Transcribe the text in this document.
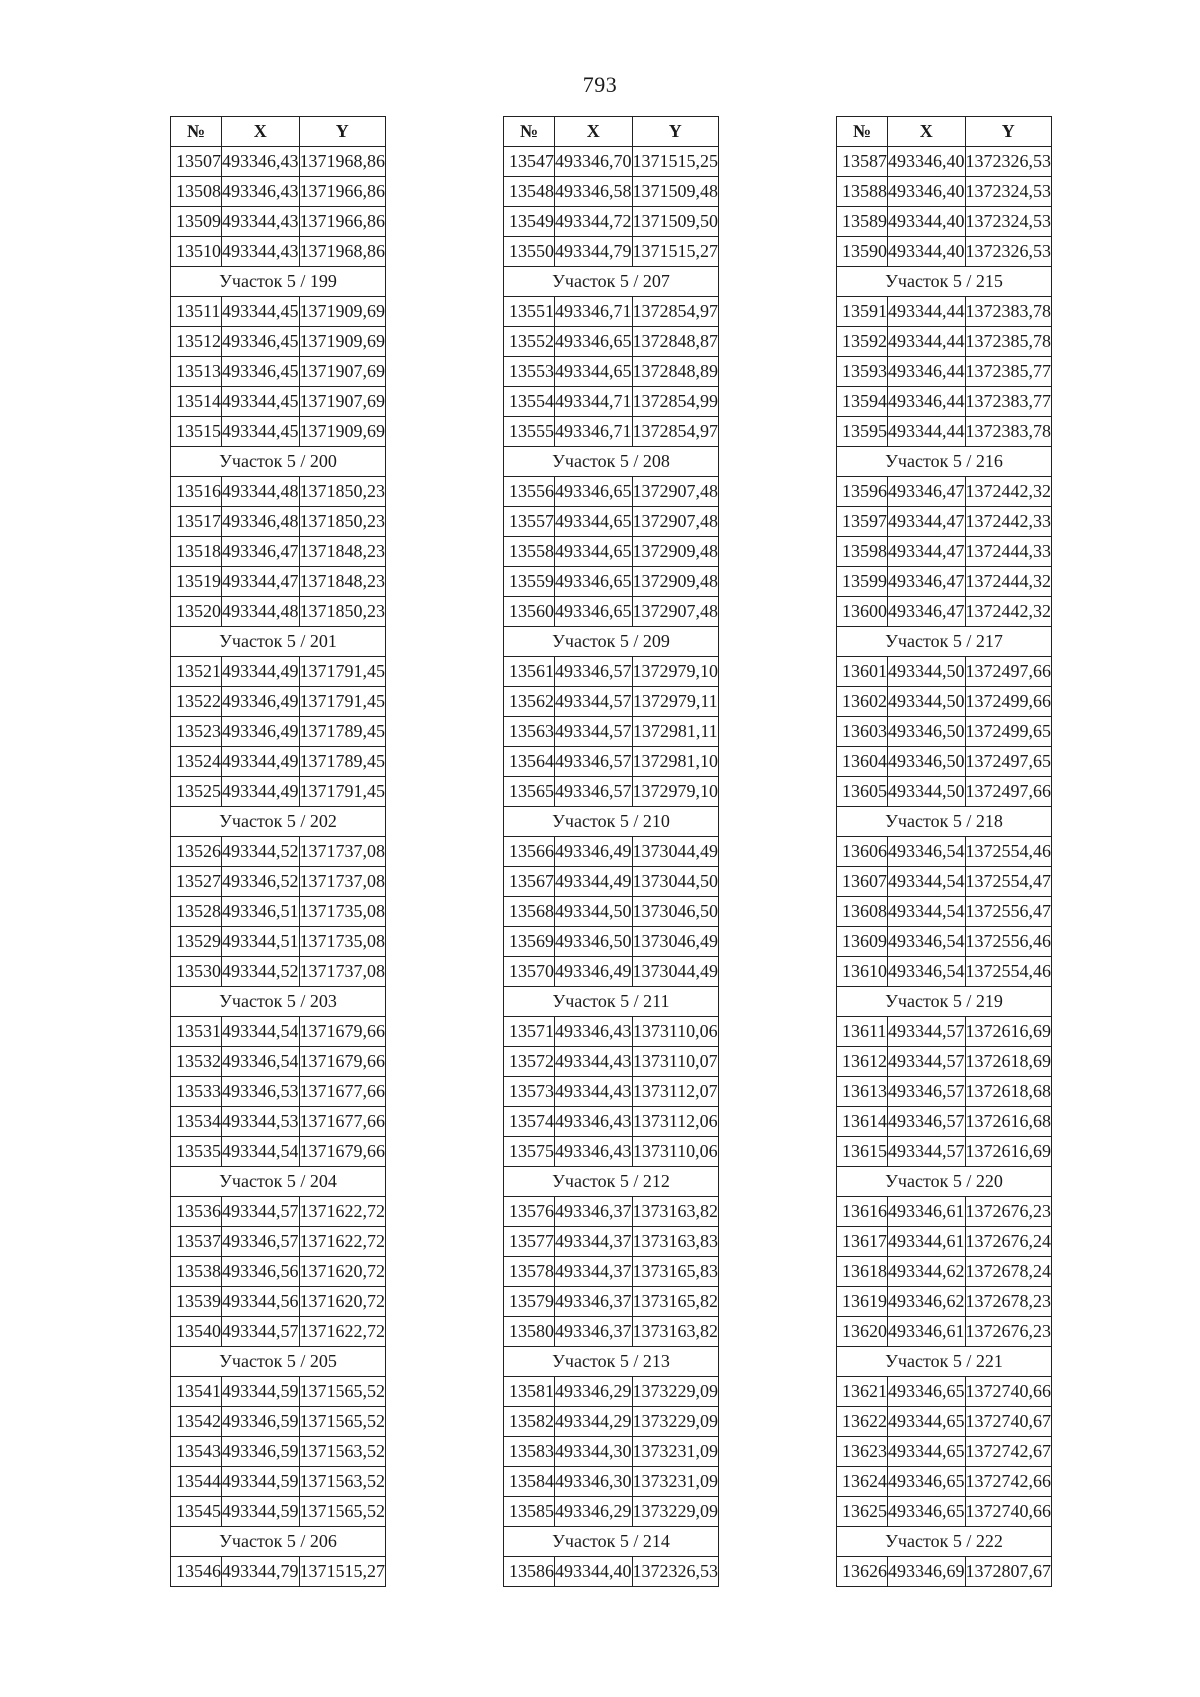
793
№	X	Y
13507	493346,43	1371968,86
13508	493346,43	1371966,86
13509	493344,43	1371966,86
13510	493344,43	1371968,86
Участок 5 / 199		
13511	493344,45	1371909,69
13512	493346,45	1371909,69
13513	493346,45	1371907,69
13514	493344,45	1371907,69
13515	493344,45	1371909,69
Участок 5 / 200		
13516	493344,48	1371850,23
13517	493346,48	1371850,23
13518	493346,47	1371848,23
13519	493344,47	1371848,23
13520	493344,48	1371850,23
Участок 5 / 201		
13521	493344,49	1371791,45
13522	493346,49	1371791,45
13523	493346,49	1371789,45
13524	493344,49	1371789,45
13525	493344,49	1371791,45
Участок 5 / 202		
13526	493344,52	1371737,08
13527	493346,52	1371737,08
13528	493346,51	1371735,08
13529	493344,51	1371735,08
13530	493344,52	1371737,08
Участок 5 / 203		
13531	493344,54	1371679,66
13532	493346,54	1371679,66
13533	493346,53	1371677,66
13534	493344,53	1371677,66
13535	493344,54	1371679,66
Участок 5 / 204		
13536	493344,57	1371622,72
13537	493346,57	1371622,72
13538	493346,56	1371620,72
13539	493344,56	1371620,72
13540	493344,57	1371622,72
Участок 5 / 205		
13541	493344,59	1371565,52
13542	493346,59	1371565,52
13543	493346,59	1371563,52
13544	493344,59	1371563,52
13545	493344,59	1371565,52
Участок 5 / 206		
13546	493344,79	1371515,27
№	X	Y
13547	493346,70	1371515,25
13548	493346,58	1371509,48
13549	493344,72	1371509,50
13550	493344,79	1371515,27
Участок 5 / 207		
13551	493346,71	1372854,97
13552	493346,65	1372848,87
13553	493344,65	1372848,89
13554	493344,71	1372854,99
13555	493346,71	1372854,97
Участок 5 / 208		
13556	493346,65	1372907,48
13557	493344,65	1372907,48
13558	493344,65	1372909,48
13559	493346,65	1372909,48
13560	493346,65	1372907,48
Участок 5 / 209		
13561	493346,57	1372979,10
13562	493344,57	1372979,11
13563	493344,57	1372981,11
13564	493346,57	1372981,10
13565	493346,57	1372979,10
Участок 5 / 210		
13566	493346,49	1373044,49
13567	493344,49	1373044,50
13568	493344,50	1373046,50
13569	493346,50	1373046,49
13570	493346,49	1373044,49
Участок 5 / 211		
13571	493346,43	1373110,06
13572	493344,43	1373110,07
13573	493344,43	1373112,07
13574	493346,43	1373112,06
13575	493346,43	1373110,06
Участок 5 / 212		
13576	493346,37	1373163,82
13577	493344,37	1373163,83
13578	493344,37	1373165,83
13579	493346,37	1373165,82
13580	493346,37	1373163,82
Участок 5 / 213		
13581	493346,29	1373229,09
13582	493344,29	1373229,09
13583	493344,30	1373231,09
13584	493346,30	1373231,09
13585	493346,29	1373229,09
Участок 5 / 214		
13586	493344,40	1372326,53
№	X	Y
13587	493346,40	1372326,53
13588	493346,40	1372324,53
13589	493344,40	1372324,53
13590	493344,40	1372326,53
Участок 5 / 215		
13591	493344,44	1372383,78
13592	493344,44	1372385,78
13593	493346,44	1372385,77
13594	493346,44	1372383,77
13595	493344,44	1372383,78
Участок 5 / 216		
13596	493346,47	1372442,32
13597	493344,47	1372442,33
13598	493344,47	1372444,33
13599	493346,47	1372444,32
13600	493346,47	1372442,32
Участок 5 / 217		
13601	493344,50	1372497,66
13602	493344,50	1372499,66
13603	493346,50	1372499,65
13604	493346,50	1372497,65
13605	493344,50	1372497,66
Участок 5 / 218		
13606	493346,54	1372554,46
13607	493344,54	1372554,47
13608	493344,54	1372556,47
13609	493346,54	1372556,46
13610	493346,54	1372554,46
Участок 5 / 219		
13611	493344,57	1372616,69
13612	493344,57	1372618,69
13613	493346,57	1372618,68
13614	493346,57	1372616,68
13615	493344,57	1372616,69
Участок 5 / 220		
13616	493346,61	1372676,23
13617	493344,61	1372676,24
13618	493344,62	1372678,24
13619	493346,62	1372678,23
13620	493346,61	1372676,23
Участок 5 / 221		
13621	493346,65	1372740,66
13622	493344,65	1372740,67
13623	493344,65	1372742,67
13624	493346,65	1372742,66
13625	493346,65	1372740,66
Участок 5 / 222		
13626	493346,69	1372807,67
